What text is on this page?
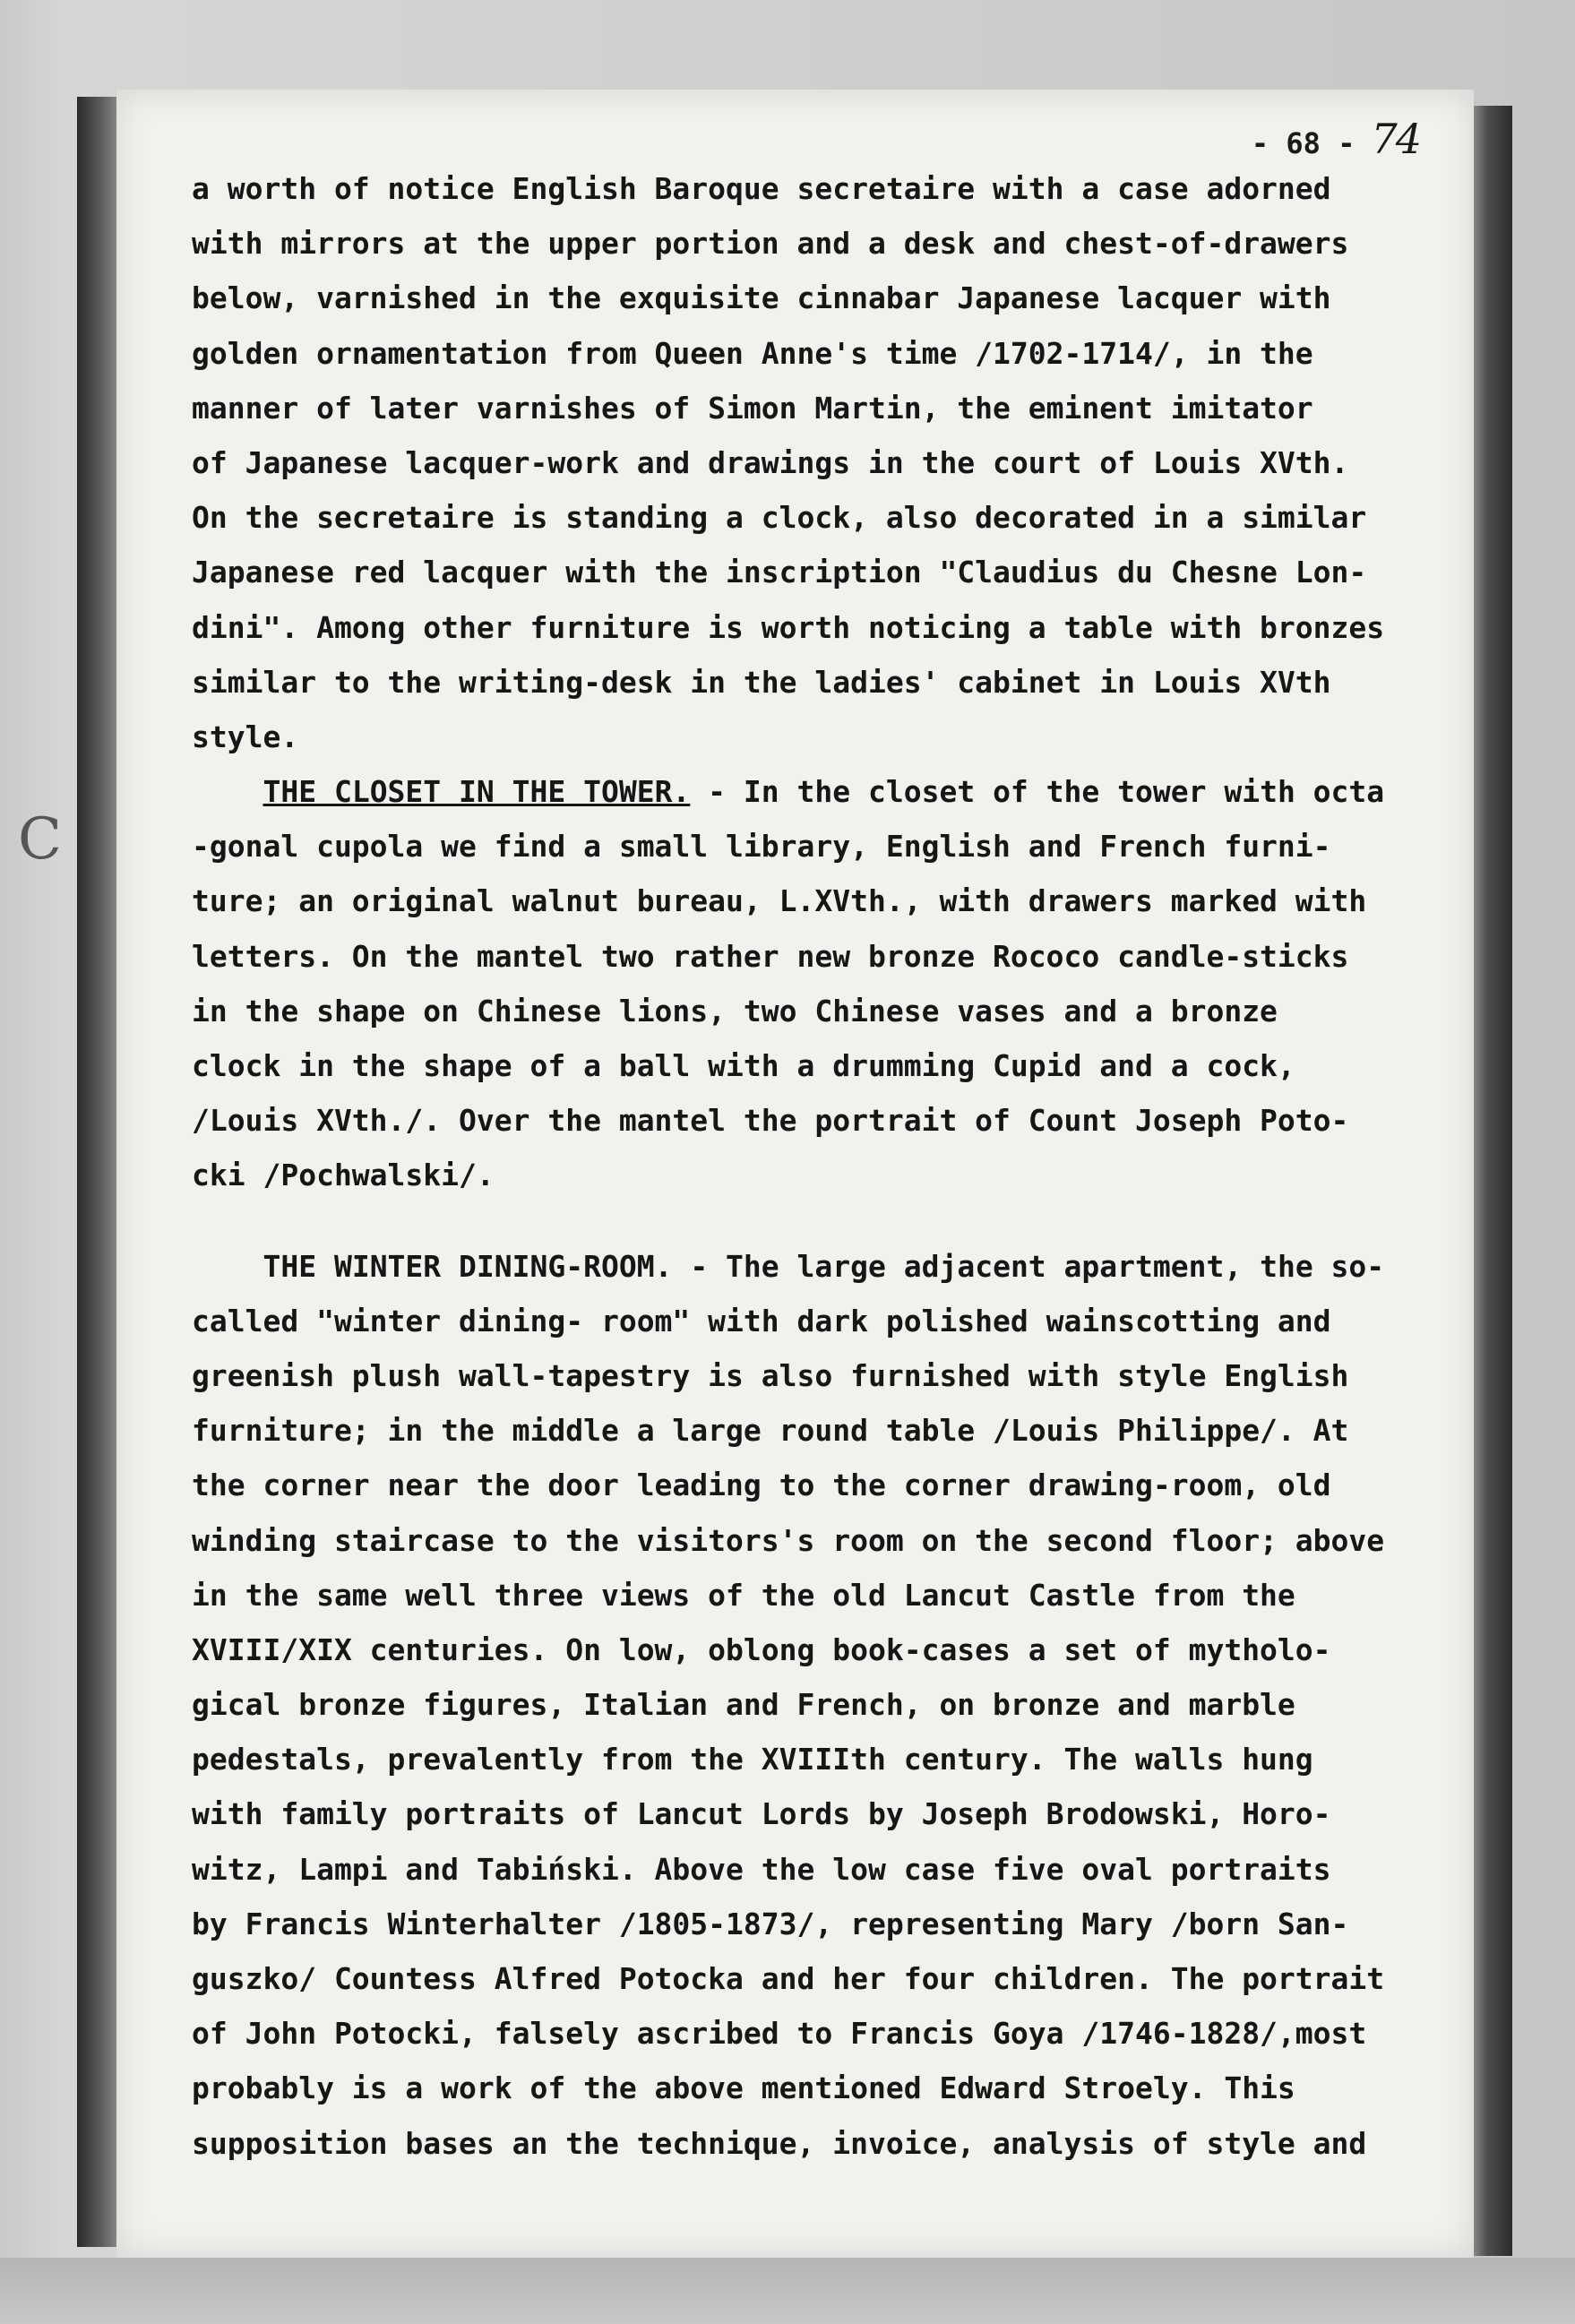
C
- 68 - 74
a worth of notice English Baroque secretaire with a case adorned
with mirrors at the upper portion and a desk and chest-of-drawers
below, varnished in the exquisite cinnabar Japanese lacquer with
golden ornamentation from Queen Anne's time /1702-1714/, in the
manner of later varnishes of Simon Martin, the eminent imitator
of Japanese lacquer-work and drawings in the court of Louis XVth.
On the secretaire is standing a clock, also decorated in a similar
Japanese red lacquer with the inscription "Claudius du Chesne Lon-
dini". Among other furniture is worth noticing a table with bronzes
similar to the writing-desk in the ladies' cabinet in Louis XVth
style.
THE CLOSET IN THE TOWER. - In the closet of the tower with octa
-gonal cupola we find a small library, English and French furni-
ture; an original walnut bureau, L.XVth., with drawers marked with
letters. On the mantel two rather new bronze Rococo candle-sticks
in the shape on Chinese lions, two Chinese vases and a bronze
clock in the shape of a ball with a drumming Cupid and a cock,
/Louis XVth./. Over the mantel the portrait of Count Joseph Poto-
cki /Pochwalski/.
THE WINTER DINING-ROOM. - The large adjacent apartment, the so-
called "winter dining- room" with dark polished wainscotting and
greenish plush wall-tapestry is also furnished with style English
furniture; in the middle a large round table /Louis Philippe/. At
the corner near the door leading to the corner drawing-room, old
winding staircase to the visitors's room on the second floor; above
in the same well three views of the old Lancut Castle from the
XVIII/XIX centuries. On low, oblong book-cases a set of mytholo-
gical bronze figures, Italian and French, on bronze and marble
pedestals, prevalently from the XVIIIth century. The walls hung
with family portraits of Lancut Lords by Joseph Brodowski, Horo-
witz, Lampi and Tabiński. Above the low case five oval portraits
by Francis Winterhalter /1805-1873/, representing Mary /born San-
guszko/ Countess Alfred Potocka and her four children. The portrait
of John Potocki, falsely ascribed to Francis Goya /1746-1828/,most
probably is a work of the above mentioned Edward Stroely. This
supposition bases an the technique, invoice, analysis of style and
